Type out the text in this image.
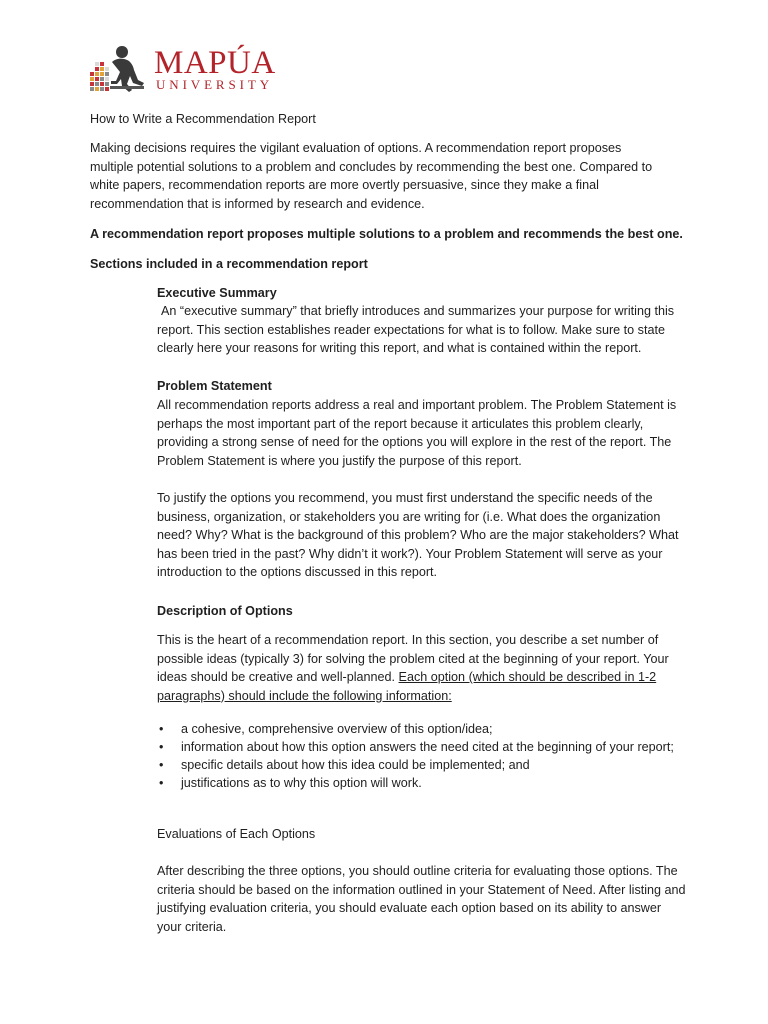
MAPÚA
UNIVERSITY
How to Write a Recommendation Report
Making decisions requires the vigilant evaluation of options. A recommendation report proposes multiple potential solutions to a problem and concludes by recommending the best one. Compared to white papers, recommendation reports are more overtly persuasive, since they make a final recommendation that is informed by research and evidence.
A recommendation report proposes multiple solutions to a problem and recommends the best one.
Sections included in a recommendation report
Executive Summary
An “executive summary” that briefly introduces and summarizes your purpose for writing this report. This section establishes reader expectations for what is to follow. Make sure to state clearly here your reasons for writing this report, and what is contained within the report.
Problem Statement
All recommendation reports address a real and important problem. The Problem Statement is perhaps the most important part of the report because it articulates this problem clearly, providing a strong sense of need for the options you will explore in the rest of the report. The Problem Statement is where you justify the purpose of this report.
To justify the options you recommend, you must first understand the specific needs of the business, organization, or stakeholders you are writing for (i.e. What does the organization need? Why? What is the background of this problem? Who are the major stakeholders? What has been tried in the past? Why didn’t it work?). Your Problem Statement will serve as your introduction to the options discussed in this report.
Description of Options
This is the heart of a recommendation report. In this section, you describe a set number of possible ideas (typically 3) for solving the problem cited at the beginning of your report. Your ideas should be creative and well-planned. Each option (which should be described in 1-2 paragraphs) should include the following information:
• a cohesive, comprehensive overview of this option/idea;
• information about how this option answers the need cited at the beginning of your report;
• specific details about how this idea could be implemented; and
• justifications as to why this option will work.
Evaluations of Each Options
After describing the three options, you should outline criteria for evaluating those options. The criteria should be based on the information outlined in your Statement of Need. After listing and justifying evaluation criteria, you should evaluate each option based on its ability to answer your criteria.
